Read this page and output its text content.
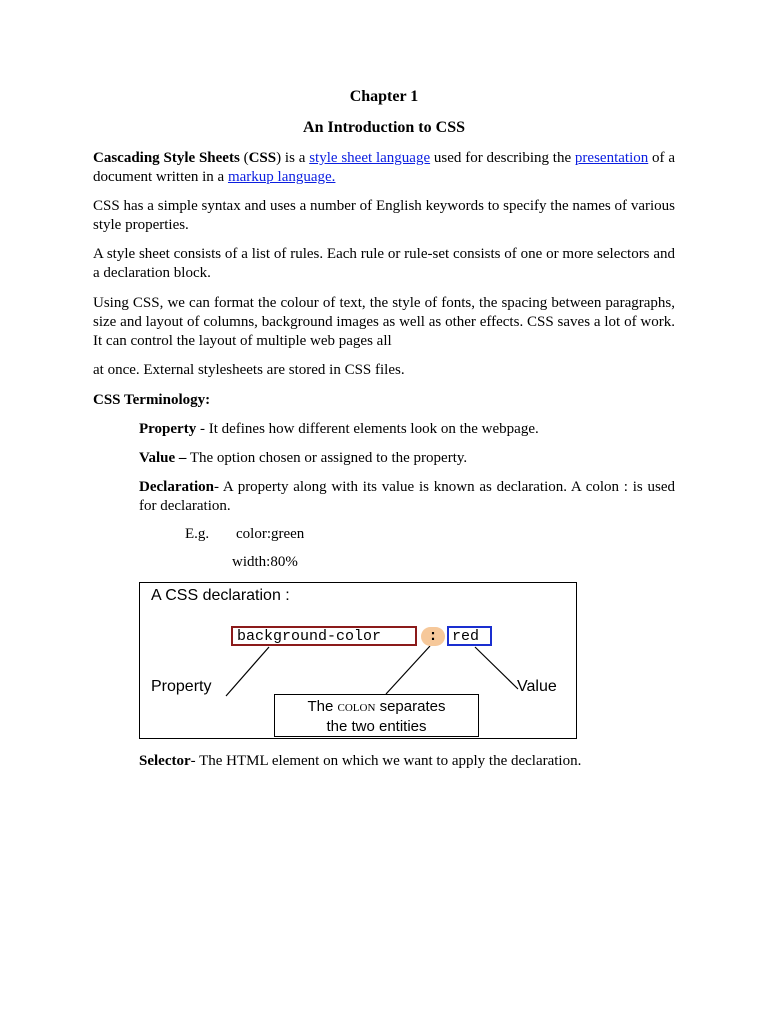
Chapter 1
An Introduction to CSS
Cascading Style Sheets (CSS) is a style sheet language used for describing the presentation of a document written in a markup language.
CSS has a simple syntax and uses a number of English keywords to specify the names of various style properties.
A style sheet consists of a list of rules. Each rule or rule-set consists of one or more selectors and a declaration block.
Using CSS, we can format the colour of text, the style of fonts, the spacing between paragraphs, size and layout of columns, background images as well as other effects. CSS saves a lot of work. It can control the layout of multiple web pages all
at once. External stylesheets are stored in CSS files.
CSS Terminology:
Property - It defines how different elements look on the webpage.
Value – The option chosen or assigned to the property.
Declaration- A property along with its value is known as declaration. A colon : is used for declaration.
E.g. color:green
width:80%
A CSS declaration :
background-color	: red
Property	Value
The colon separates
the two entities
Selector- The HTML element on which we want to apply the declaration.
